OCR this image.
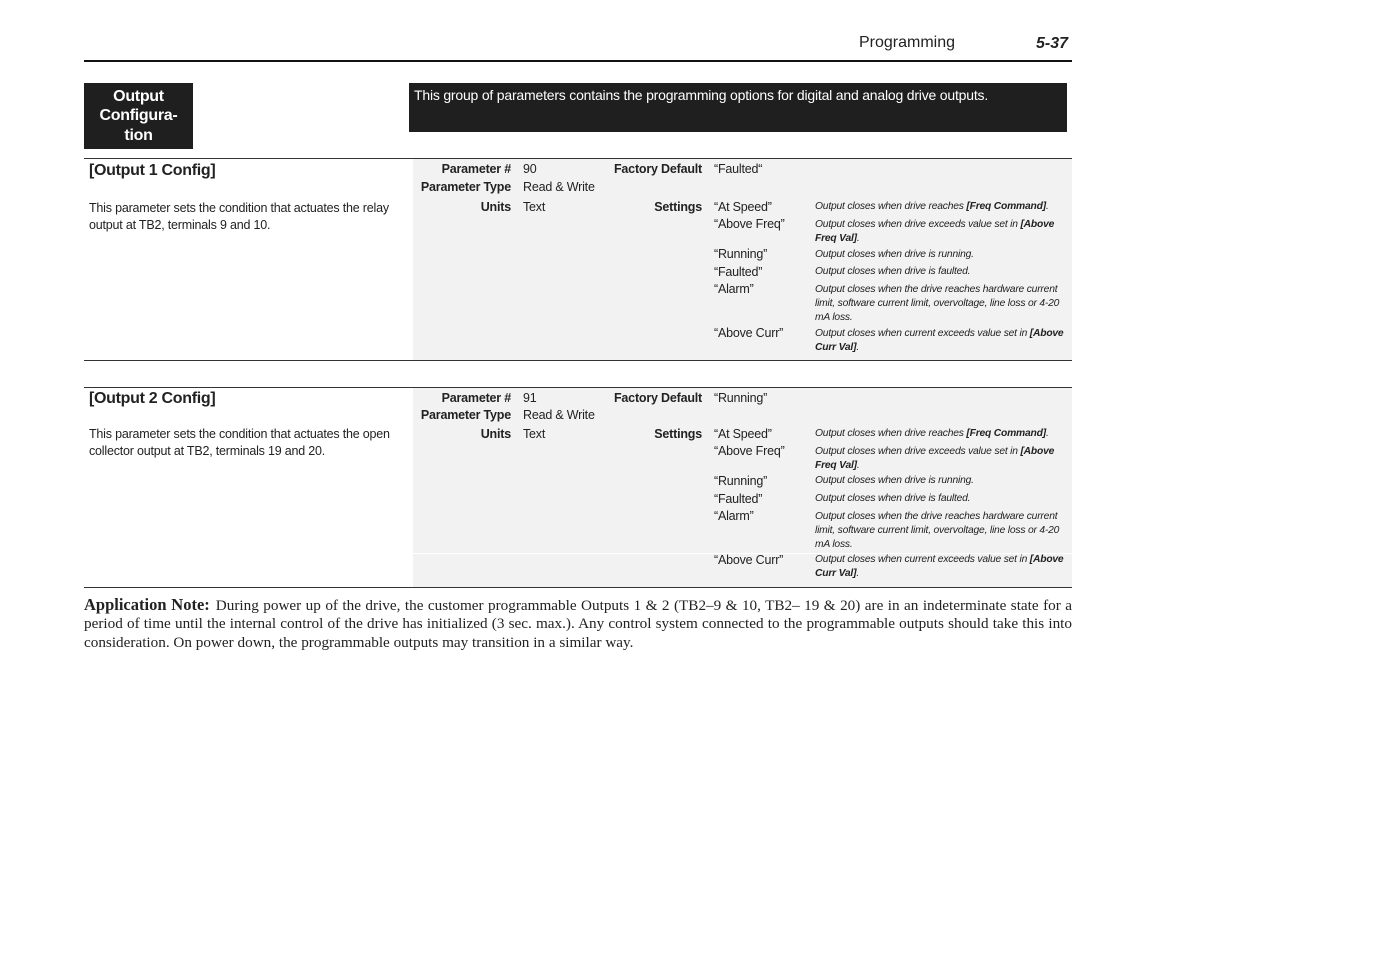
Programming	5-37
Output
Configura-
tion
This group of parameters contains the programming options for digital and analog drive outputs.
[Output 1 Config]
This parameter sets the condition that actuates the relay output at TB2, terminals 9 and 10.
Parameter # 90
Parameter Type Read & Write
Units Text
Factory Default “Faulted“
Settings “At Speed”	Output closes when drive reaches [Freq Command].
“Above Freq”	Output closes when drive exceeds value set in [Above Freq Val].
“Running”	Output closes when drive is running.
“Faulted”	Output closes when drive is faulted.
“Alarm”	Output closes when the drive reaches hardware current limit, software current limit, overvoltage, line loss or 4-20 mA loss.
“Above Curr”	Output closes when current exceeds value set in [Above Curr Val].
[Output 2 Config]
This parameter sets the condition that actuates the open collector output at TB2, terminals 19 and 20.
Parameter # 91
Parameter Type Read & Write
Units Text
Factory Default “Running”
Settings “At Speed”	Output closes when drive reaches [Freq Command].
“Above Freq”	Output closes when drive exceeds value set in [Above Freq Val].
“Running”	Output closes when drive is running.
“Faulted”	Output closes when drive is faulted.
“Alarm”	Output closes when the drive reaches hardware current limit, software current limit, overvoltage, line loss or 4-20 mA loss.
“Above Curr”	Output closes when current exceeds value set in [Above Curr Val].
Application Note: During power up of the drive, the customer programmable Outputs 1 & 2 (TB2–9 & 10, TB2– 19 & 20) are in an indeterminate state for a period of time until the internal control of the drive has initialized (3 sec. max.). Any control system connected to the programmable outputs should take this into consideration. On power down, the programmable outputs may transition in a similar way.
